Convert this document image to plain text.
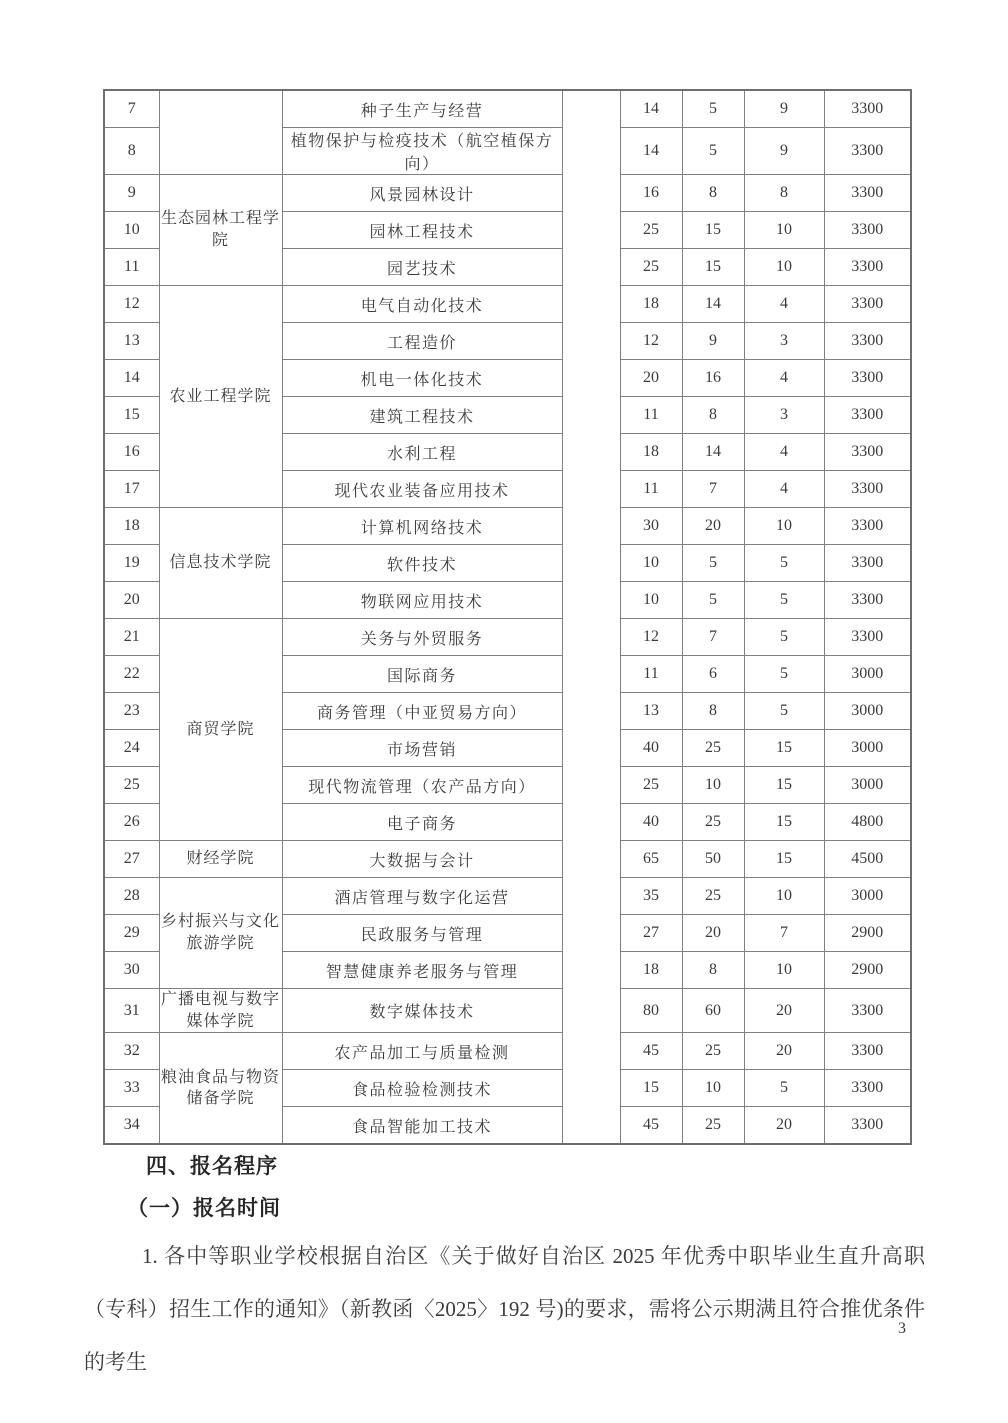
7		种子生产与经营		14	5	9	3300
8		植物保护与检疫技术（航空植保方向）		14	5	9	3300
9	生态园林工程学院	风景园林设计		16	8	8	3300
10		园林工程技术		25	15	10	3300
11		园艺技术		25	15	10	3300
12	农业工程学院	电气自动化技术		18	14	4	3300
13		工程造价		12	9	3	3300
14		机电一体化技术		20	16	4	3300
15		建筑工程技术		11	8	3	3300
16		水利工程		18	14	4	3300
17		现代农业装备应用技术		11	7	4	3300
18	信息技术学院	计算机网络技术		30	20	10	3300
19		软件技术		10	5	5	3300
20		物联网应用技术		10	5	5	3300
21	商贸学院	关务与外贸服务		12	7	5	3300
22		国际商务		11	6	5	3000
23		商务管理（中亚贸易方向）		13	8	5	3000
24		市场营销		40	25	15	3000
25		现代物流管理（农产品方向）		25	10	15	3000
26		电子商务		40	25	15	4800
27	财经学院	大数据与会计		65	50	15	4500
28	乡村振兴与文化旅游学院	酒店管理与数字化运营		35	25	10	3000
29		民政服务与管理		27	20	7	2900
30		智慧健康养老服务与管理		18	8	10	2900
31	广播电视与数字媒体学院	数字媒体技术		80	60	20	3300
32	粮油食品与物资储备学院	农产品加工与质量检测		45	25	20	3300
33		食品检验检测技术		15	10	5	3300
34		食品智能加工技术		45	25	20	3300
四、报名程序
（一）报名时间

1. 各中等职业学校根据自治区《关于做好自治区 2025 年优秀中职毕业生直升高职（专科）招生工作的通知》（新教函〈2025〉192 号)的要求，需将公示期满且符合推优条件的考生

3
